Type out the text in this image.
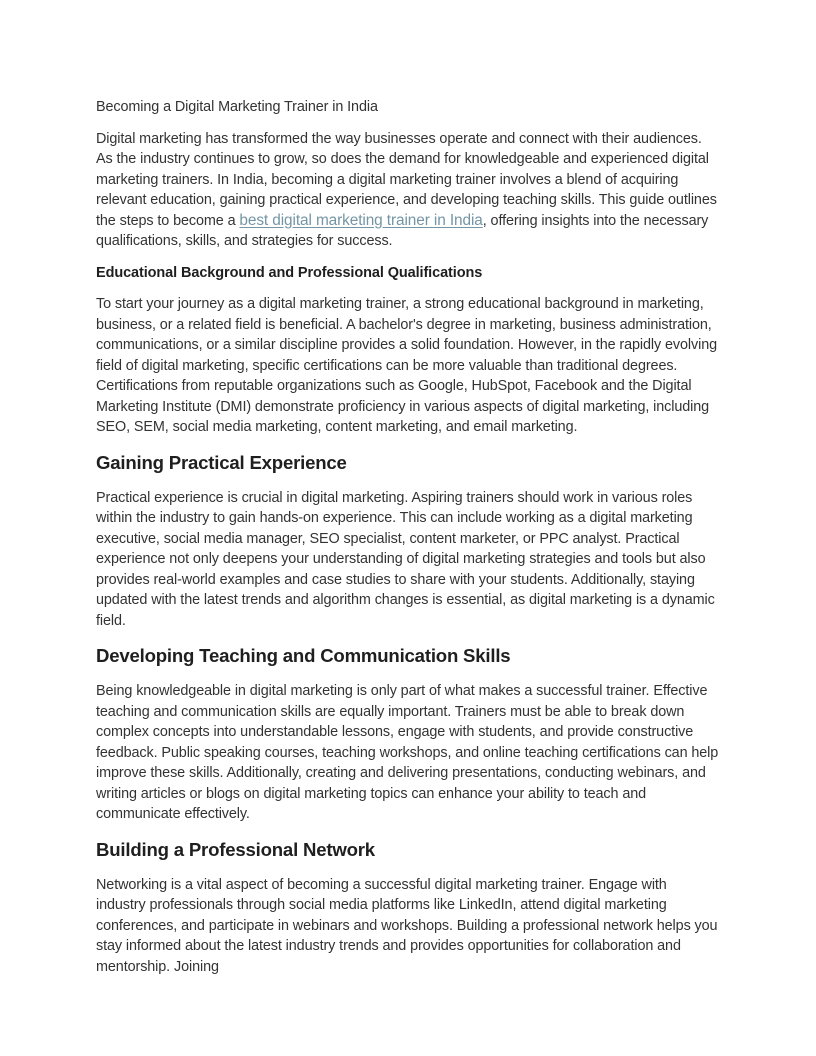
Becoming a Digital Marketing Trainer in India

Digital marketing has transformed the way businesses operate and connect with their audiences. As the industry continues to grow, so does the demand for knowledgeable and experienced digital marketing trainers. In India, becoming a digital marketing trainer involves a blend of acquiring relevant education, gaining practical experience, and developing teaching skills. This guide outlines the steps to become a best digital marketing trainer in India, offering insights into the necessary qualifications, skills, and strategies for success.

Educational Background and Professional Qualifications

To start your journey as a digital marketing trainer, a strong educational background in marketing, business, or a related field is beneficial. A bachelor's degree in marketing, business administration, communications, or a similar discipline provides a solid foundation. However, in the rapidly evolving field of digital marketing, specific certifications can be more valuable than traditional degrees. Certifications from reputable organizations such as Google, HubSpot, Facebook and the Digital Marketing Institute (DMI) demonstrate proficiency in various aspects of digital marketing, including SEO, SEM, social media marketing, content marketing, and email marketing.

Gaining Practical Experience

Practical experience is crucial in digital marketing. Aspiring trainers should work in various roles within the industry to gain hands-on experience. This can include working as a digital marketing executive, social media manager, SEO specialist, content marketer, or PPC analyst. Practical experience not only deepens your understanding of digital marketing strategies and tools but also provides real-world examples and case studies to share with your students. Additionally, staying updated with the latest trends and algorithm changes is essential, as digital marketing is a dynamic field.

Developing Teaching and Communication Skills

Being knowledgeable in digital marketing is only part of what makes a successful trainer. Effective teaching and communication skills are equally important. Trainers must be able to break down complex concepts into understandable lessons, engage with students, and provide constructive feedback. Public speaking courses, teaching workshops, and online teaching certifications can help improve these skills. Additionally, creating and delivering presentations, conducting webinars, and writing articles or blogs on digital marketing topics can enhance your ability to teach and communicate effectively.

Building a Professional Network

Networking is a vital aspect of becoming a successful digital marketing trainer. Engage with industry professionals through social media platforms like LinkedIn, attend digital marketing conferences, and participate in webinars and workshops. Building a professional network helps you stay informed about the latest industry trends and provides opportunities for collaboration and mentorship. Joining
